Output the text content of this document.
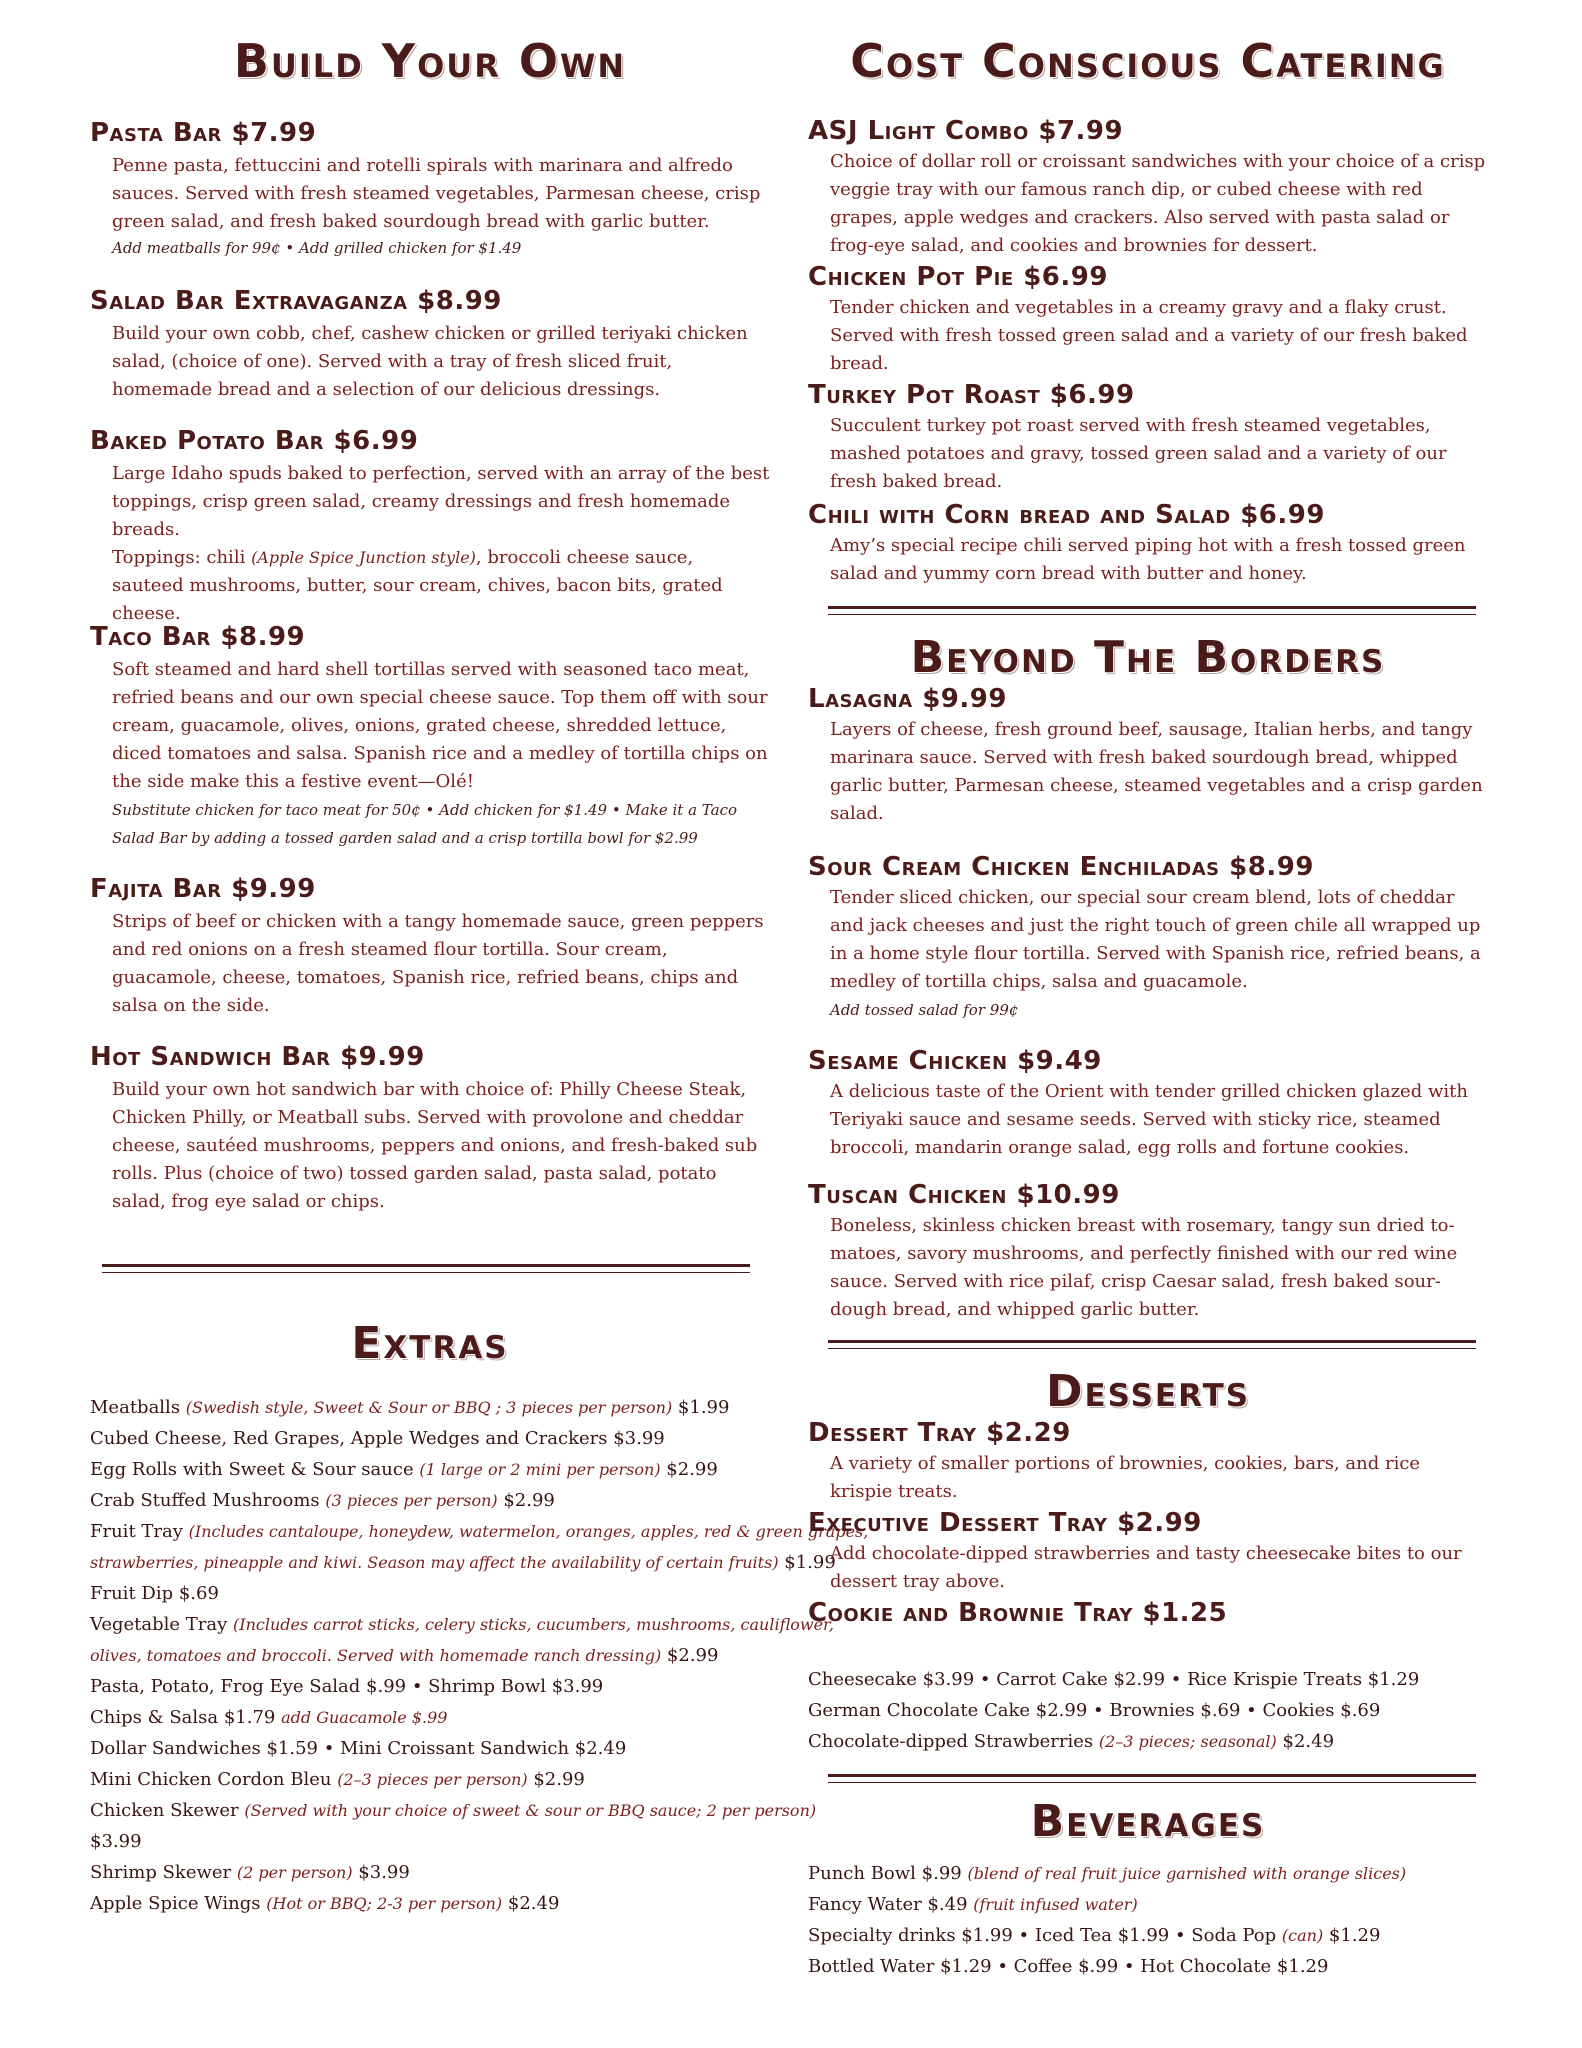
Build Your Own
Pasta Bar $7.99

Penne pasta, fettuccini and rotelli spirals with marinara and alfredo sauces. Served with fresh steamed vegetables, Parmesan cheese, crisp green salad, and fresh baked sourdough bread with garlic butter.

Add meatballs for 99¢ • Add grilled chicken for $1.49
Salad Bar Extravaganza $8.99

Build your own cobb, chef, cashew chicken or grilled teriyaki chicken salad, (choice of one). Served with a tray of fresh sliced fruit, homemade bread and a selection of our delicious dressings.

Baked Potato Bar $6.99

Large Idaho spuds baked to perfection, served with an array of the best toppings, crisp green salad, creamy dressings and fresh homemade breads.

Toppings: chili (Apple Spice Junction style), broccoli cheese sauce, sauteed mushrooms, butter, sour cream, chives, bacon bits, grated cheese.

Taco Bar $8.99

Soft steamed and hard shell tortillas served with seasoned taco meat, refried beans and our own special cheese sauce. Top them off with sour cream, guacamole, olives, onions, grated cheese, shredded lettuce, diced tomatoes and salsa. Spanish rice and a medley of tortilla chips on the side make this a festive event—Olé!

Substitute chicken for taco meat for 50¢ • Add chicken for $1.49 • Make it a Taco Salad Bar by adding a tossed garden salad and a crisp tortilla bowl for $2.99
Fajita Bar $9.99

Strips of beef or chicken with a tangy homemade sauce, green peppers and red onions on a fresh steamed flour tortilla. Sour cream, guacamole, cheese, tomatoes, Spanish rice, refried beans, chips and salsa on the side.

Hot Sandwich Bar $9.99

Build your own hot sandwich bar with choice of: Philly Cheese Steak, Chicken Philly, or Meatball subs. Served with provolone and cheddar cheese, sautéed mushrooms, peppers and onions, and fresh-baked sub rolls. Plus (choice of two) tossed garden salad, pasta salad, potato salad, frog eye salad or chips.

Extras
Meatballs (Swedish style, Sweet & Sour or BBQ ; 3 pieces per person) $1.99
Cubed Cheese, Red Grapes, Apple Wedges and Crackers $3.99
Egg Rolls with Sweet & Sour sauce (1 large or 2 mini per person) $2.99
Crab Stuffed Mushrooms (3 pieces per person) $2.99
Fruit Tray (Includes cantaloupe, honeydew, watermelon, oranges, apples, red & green grapes,
strawberries, pineapple and kiwi. Season may affect the availability of certain fruits) $1.99
Fruit Dip $.69
Vegetable Tray (Includes carrot sticks, celery sticks, cucumbers, mushrooms, cauliflower,
olives, tomatoes and broccoli. Served with homemade ranch dressing) $2.99
Pasta, Potato, Frog Eye Salad $.99 • Shrimp Bowl $3.99
Chips & Salsa $1.79 add Guacamole $.99
Dollar Sandwiches $1.59 • Mini Croissant Sandwich $2.49
Mini Chicken Cordon Bleu (2–3 pieces per person) $2.99
Chicken Skewer (Served with your choice of sweet & sour or BBQ sauce; 2 per person)
$3.99
Shrimp Skewer (2 per person) $3.99
Apple Spice Wings (Hot or BBQ; 2-3 per person) $2.49
Cost Conscious Catering
ASJ Light Combo $7.99

Choice of dollar roll or croissant sandwiches with your choice of a crisp veggie tray with our famous ranch dip, or cubed cheese with red grapes, apple wedges and crackers. Also served with pasta salad or frog-eye salad, and cookies and brownies for dessert.

Chicken Pot Pie $6.99

Tender chicken and vegetables in a creamy gravy and a flaky crust. Served with fresh tossed green salad and a variety of our fresh baked bread.

Turkey Pot Roast $6.99

Succulent turkey pot roast served with fresh steamed vegetables, mashed potatoes and gravy, tossed green salad and a variety of our fresh baked bread.

Chili with Corn bread and Salad $6.99

Amy’s special recipe chili served piping hot with a fresh tossed green salad and yummy corn bread with butter and honey.

Beyond The Borders
Lasagna $9.99

Layers of cheese, fresh ground beef, sausage, Italian herbs, and tangy marinara sauce. Served with fresh baked sourdough bread, whipped garlic butter, Parmesan cheese, steamed vegetables and a crisp garden salad.

Sour Cream Chicken Enchiladas $8.99

Tender sliced chicken, our special sour cream blend, lots of cheddar and jack cheeses and just the right touch of green chile all wrapped up in a home style flour tortilla. Served with Spanish rice, refried beans, a medley of tortilla chips, salsa and guacamole.

Add tossed salad for 99¢
Sesame Chicken $9.49

A delicious taste of the Orient with tender grilled chicken glazed with Teriyaki sauce and sesame seeds. Served with sticky rice, steamed broccoli, mandarin orange salad, egg rolls and fortune cookies.

Tuscan Chicken $10.99

Boneless, skinless chicken breast with rosemary, tangy sun dried to-matoes, savory mushrooms, and perfectly finished with our red wine sauce. Served with rice pilaf, crisp Caesar salad, fresh baked sour-dough bread, and whipped garlic butter.

Desserts
Dessert Tray $2.29

A variety of smaller portions of brownies, cookies, bars, and rice krispie treats.

Executive Dessert Tray $2.99

Add chocolate-dipped strawberries and tasty cheesecake bites to our dessert tray above.

Cookie and Brownie Tray $1.25
Cheesecake $3.99 • Carrot Cake $2.99 • Rice Krispie Treats $1.29
German Chocolate Cake $2.99 • Brownies $.69 • Cookies $.69
Chocolate-dipped Strawberries (2–3 pieces; seasonal) $2.49
Beverages
Punch Bowl $.99 (blend of real fruit juice garnished with orange slices)
Fancy Water $.49 (fruit infused water)
Specialty drinks $1.99 • Iced Tea $1.99 • Soda Pop (can) $1.29
Bottled Water $1.29 • Coffee $.99 • Hot Chocolate $1.29
